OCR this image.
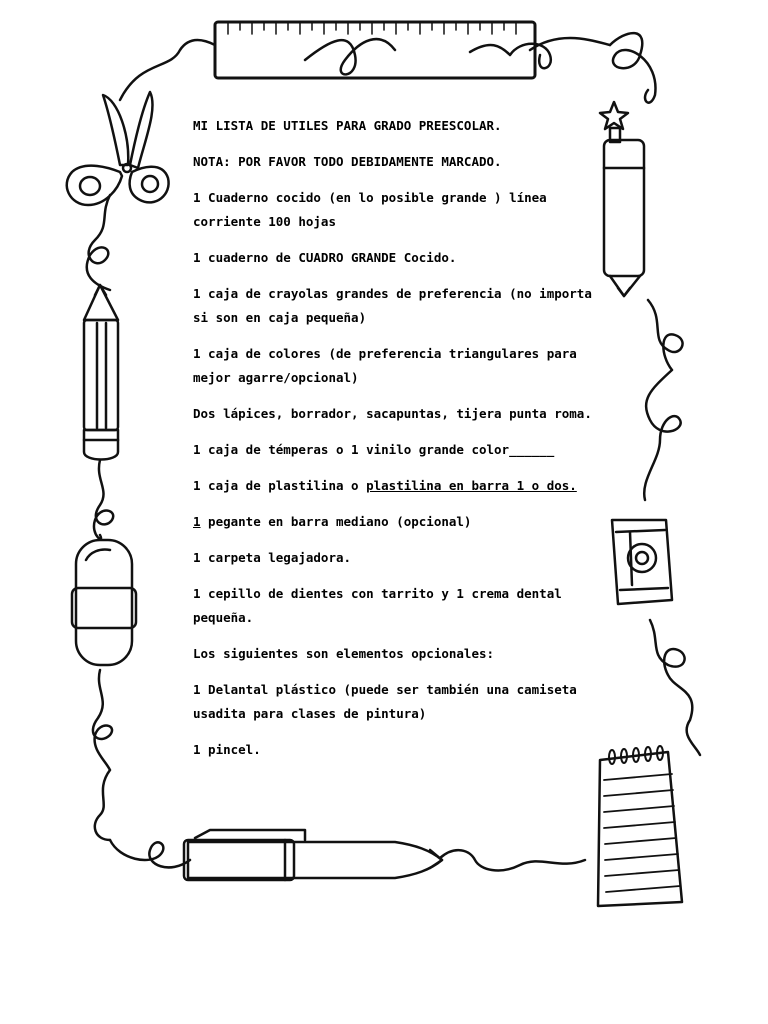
MI LISTA DE UTILES PARA GRADO PREESCOLAR.

NOTA: POR FAVOR TODO DEBIDAMENTE MARCADO.

1 Cuaderno cocido (en lo posible grande ) línea corriente 100 hojas

1 cuaderno de CUADRO GRANDE Cocido.

1 caja de crayolas grandes de preferencia (no importa si son en caja pequeña)

1 caja de colores (de preferencia triangulares para mejor agarre/opcional)

Dos lápices, borrador, sacapuntas, tijera punta roma.

1 caja de témperas o 1 vinilo grande color______

1 caja de plastilina o plastilina en barra 1 o dos.

1 pegante en barra mediano (opcional)

1 carpeta legajadora.

1 cepillo de dientes con tarrito y 1 crema dental pequeña.

Los siguientes son elementos opcionales:

1 Delantal plástico (puede ser también una camiseta usadita para clases de pintura)

1 pincel.
